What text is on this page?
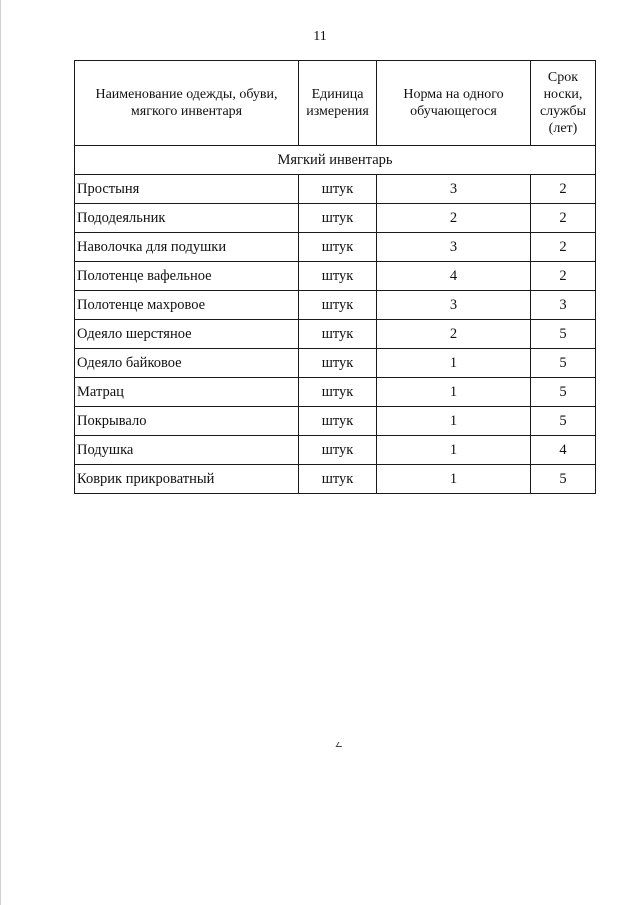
11
Наименование одежды, обуви, мягкого инвентаря	Единица измерения	Норма на одного обучающегося	Срок носки, службы (лет)
Мягкий инвентарь			
Простыня	штук	3	2
Пододеяльник	штук	2	2
Наволочка для подушки	штук	3	2
Полотенце вафельное	штук	4	2
Полотенце махровое	штук	3	3
Одеяло шерстяное	штук	2	5
Одеяло байковое	штук	1	5
Матрац	штук	1	5
Покрывало	штук	1	5
Подушка	штук	1	4
Коврик прикроватный	штук	1	5
